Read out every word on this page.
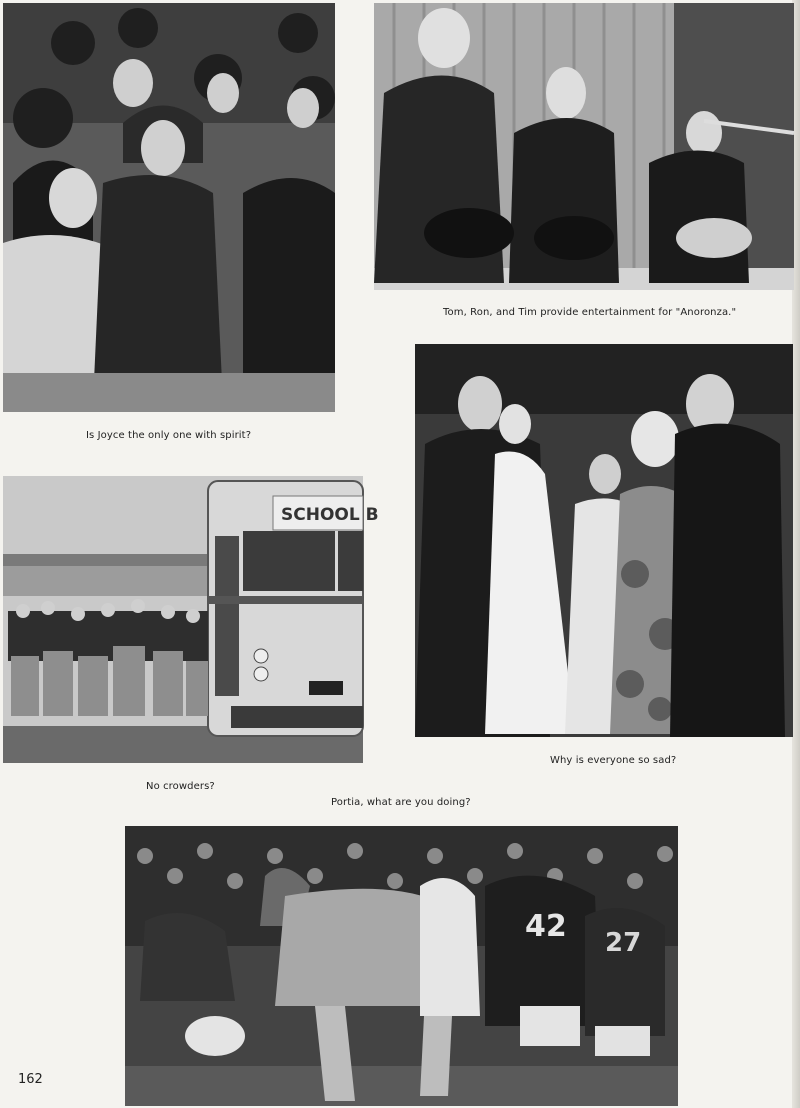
Tom, Ron, and Tim provide entertainment for "Anoronza."
Is Joyce the only one with spirit?
SCHOOL B
Why is everyone so sad?
No crowders?
Portia, what are you doing?
42 27
162
